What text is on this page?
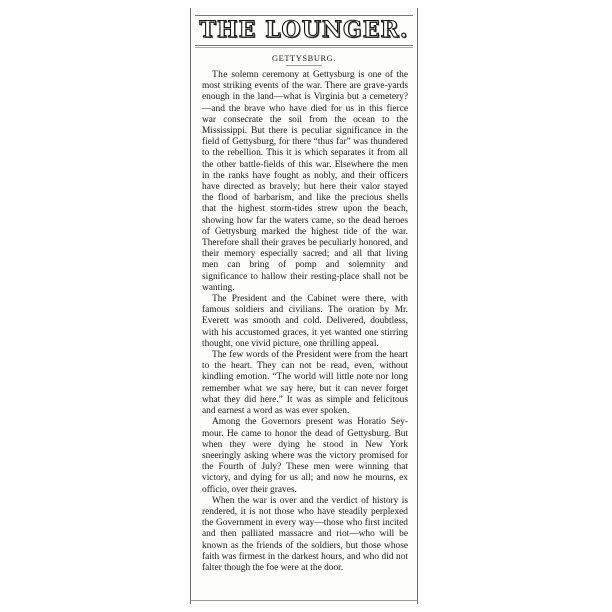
THE LOUNGER.
GETTYSBURG.

The solemn ceremony at Gettysburg is one of the most striking events of the war. There are grave-yards enough in the land—what is Virginia but a cemetery?—and the brave who have died for us in this fierce war consecrate the soil from the ocean to the Mississippi. But there is peculiar significance in the field of Gettysburg, for there “thus far” was thundered to the rebellion. This it is which separates it from all the other battle-fields of this war. Elsewhere the men in the ranks have fought as nobly, and their officers have directed as bravely; but here their valor stayed the flood of barbarism, and like the precious shells that the highest storm-tides strew upon the beach, showing how far the waters came, so the dead heroes of Gettysburg marked the highest tide of the war. Therefore shall their graves be peculiarly honored, and their memory especially sacred; and all that living men can bring of pomp and solemnity and significance to hallow their resting-place shall not be wanting.

The President and the Cabinet were there, with famous soldiers and civilians. The oration by Mr. Everett was smooth and cold. Delivered, doubtless, with his accustomed graces, it yet wanted one stirring thought, one vivid picture, one thrilling appeal.

The few words of the President were from the heart to the heart. They can not be read, even, without kindling emotion. “The world will little note nor long remember what we say here, but it can never forget what they did here.” It was as simple and felicitous and earnest a word as was ever spoken.

Among the Governors present was Horatio Seymour. He came to honor the dead of Gettysburg. But when they were dying he stood in New York sneeringly asking where was the victory promised for the Fourth of July? These men were winning that victory, and dying for us all; and now he mourns, ex officio, over their graves.

When the war is over and the verdict of history is rendered, it is not those who have steadily perplexed the Government in every way—those who first incited and then palliated massacre and riot—who will be known as the friends of the soldiers, but those whose faith was firmest in the darkest hours, and who did not falter though the foe were at the door.
